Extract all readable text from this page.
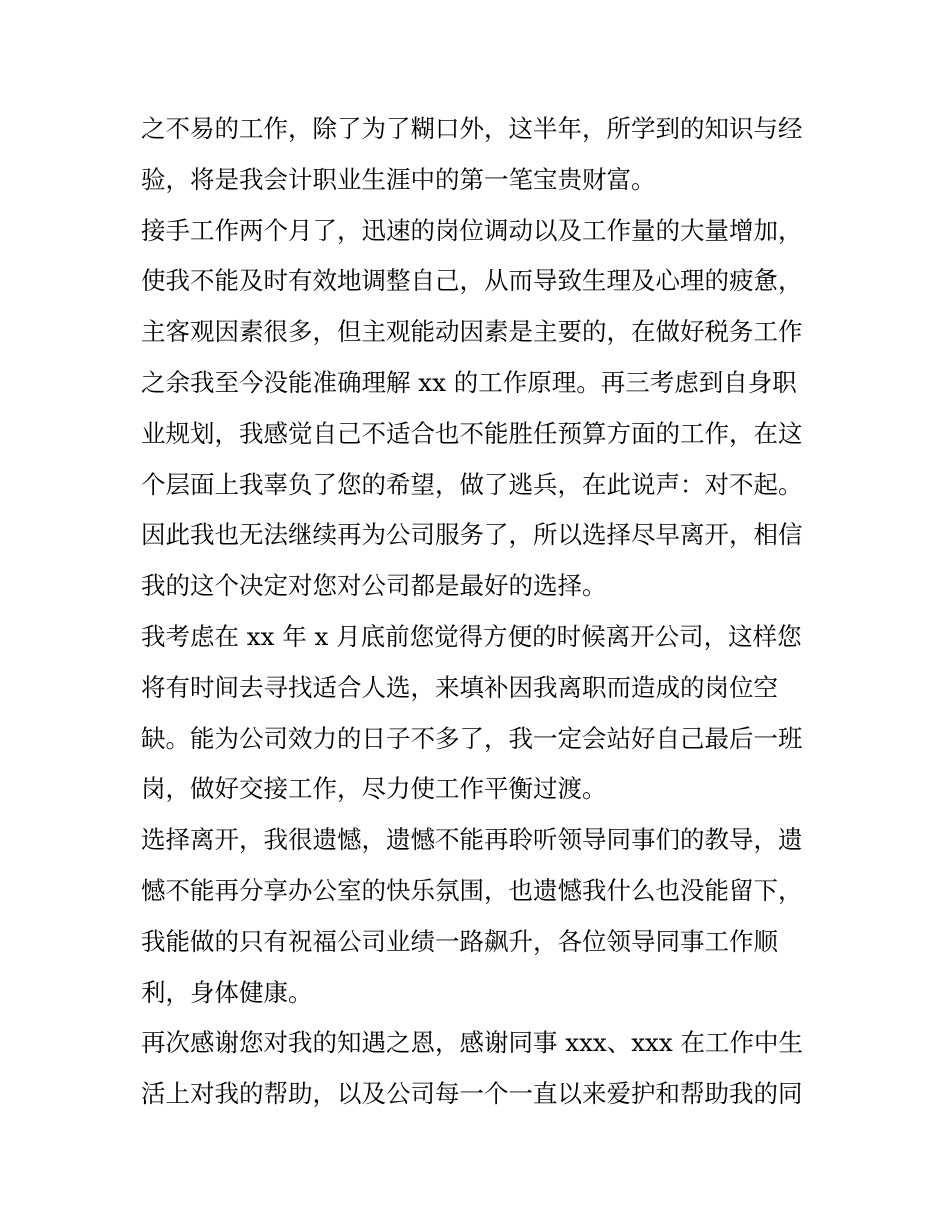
之不易的工作，除了为了糊口外，这半年，所学到的知识与经
验，将是我会计职业生涯中的第一笔宝贵财富。
接手工作两个月了，迅速的岗位调动以及工作量的大量增加，
使我不能及时有效地调整自己，从而导致生理及心理的疲惫，
主客观因素很多，但主观能动因素是主要的，在做好税务工作
之余我至今没能准确理解 xx 的工作原理。再三考虑到自身职
业规划，我感觉自己不适合也不能胜任预算方面的工作，在这
个层面上我辜负了您的希望，做了逃兵，在此说声：对不起。
因此我也无法继续再为公司服务了，所以选择尽早离开，相信
我的这个决定对您对公司都是最好的选择。
我考虑在 xx 年 x 月底前您觉得方便的时候离开公司，这样您
将有时间去寻找适合人选，来填补因我离职而造成的岗位空
缺。能为公司效力的日子不多了，我一定会站好自己最后一班
岗，做好交接工作，尽力使工作平衡过渡。
选择离开，我很遗憾，遗憾不能再聆听领导同事们的教导，遗
憾不能再分享办公室的快乐氛围，也遗憾我什么也没能留下，
我能做的只有祝福公司业绩一路飙升，各位领导同事工作顺
利，身体健康。
再次感谢您对我的知遇之恩，感谢同事 xxx、xxx 在工作中生
活上对我的帮助，以及公司每一个一直以来爱护和帮助我的同
